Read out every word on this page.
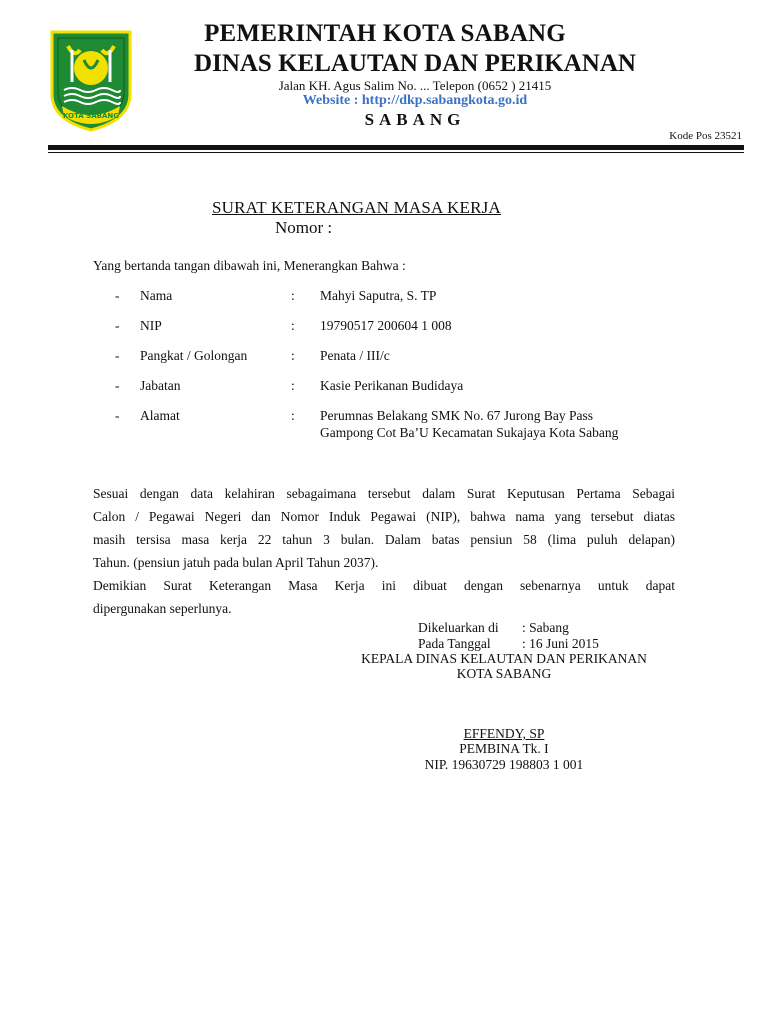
KOTA SABANG
PEMERINTAH KOTA SABANG
DINAS KELAUTAN DAN PERIKANAN
Jalan KH. Agus Salim No. ... Telepon (0652 ) 21415
Website : http://dkp.sabangkota.go.id
SABANG
Kode Pos 23521
SURAT KETERANGAN MASA KERJA
Nomor :
Yang bertanda tangan dibawah ini, Menerangkan Bahwa :
- Nama	: Mahyi Saputra, S. TP
- NIP	: 19790517 200604 1 008
- Pangkat / Golongan	: Penata / III/c
- Jabatan	: Kasie Perikanan Budidaya
- Alamat	: Perumnas Belakang SMK No. 67 Jurong Bay Pass
Gampong Cot Ba’U Kecamatan Sukajaya Kota Sabang
Sesuai dengan data kelahiran sebagaimana tersebut dalam Surat Keputusan Pertama Sebagai
Calon / Pegawai Negeri dan Nomor Induk Pegawai (NIP), bahwa nama yang tersebut diatas
masih tersisa masa kerja 22 tahun 3 bulan. Dalam batas pensiun 58 (lima puluh delapan)
Tahun. (pensiun jatuh pada bulan April Tahun 2037).
Demikian Surat Keterangan Masa Kerja ini dibuat dengan sebenarnya untuk dapat
dipergunakan seperlunya.
Dikeluarkan di : Sabang
Pada Tanggal : 16 Juni 2015
KEPALA DINAS KELAUTAN DAN PERIKANAN
KOTA SABANG
EFFENDY, SP
PEMBINA Tk. I
NIP. 19630729 198803 1 001
